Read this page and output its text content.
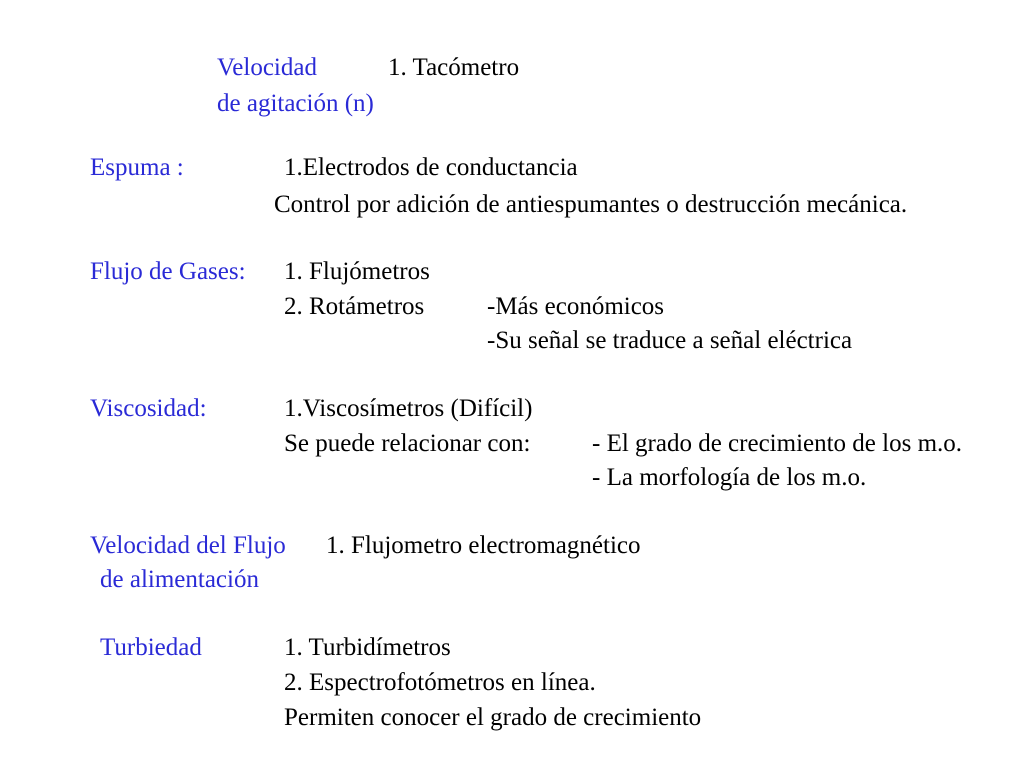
Velocidad	1. Tacómetro
de agitación (n)
Espuma :	1.Electrodos de conductancia
Control por adición de antiespumantes o destrucción mecánica.
Flujo de Gases: 1. Flujómetros
2. Rotámetros	-Más económicos
-Su señal se traduce a señal eléctrica
Viscosidad:	1.Viscosímetros (Difícil)
Se puede relacionar con: - El grado de crecimiento de los m.o.
- La morfología de los m.o.
Velocidad del Flujo 1. Flujometro electromagnético
de alimentación
Turbiedad	1. Turbidímetros
2. Espectrofotómetros en línea.
Permiten conocer el grado de crecimiento
